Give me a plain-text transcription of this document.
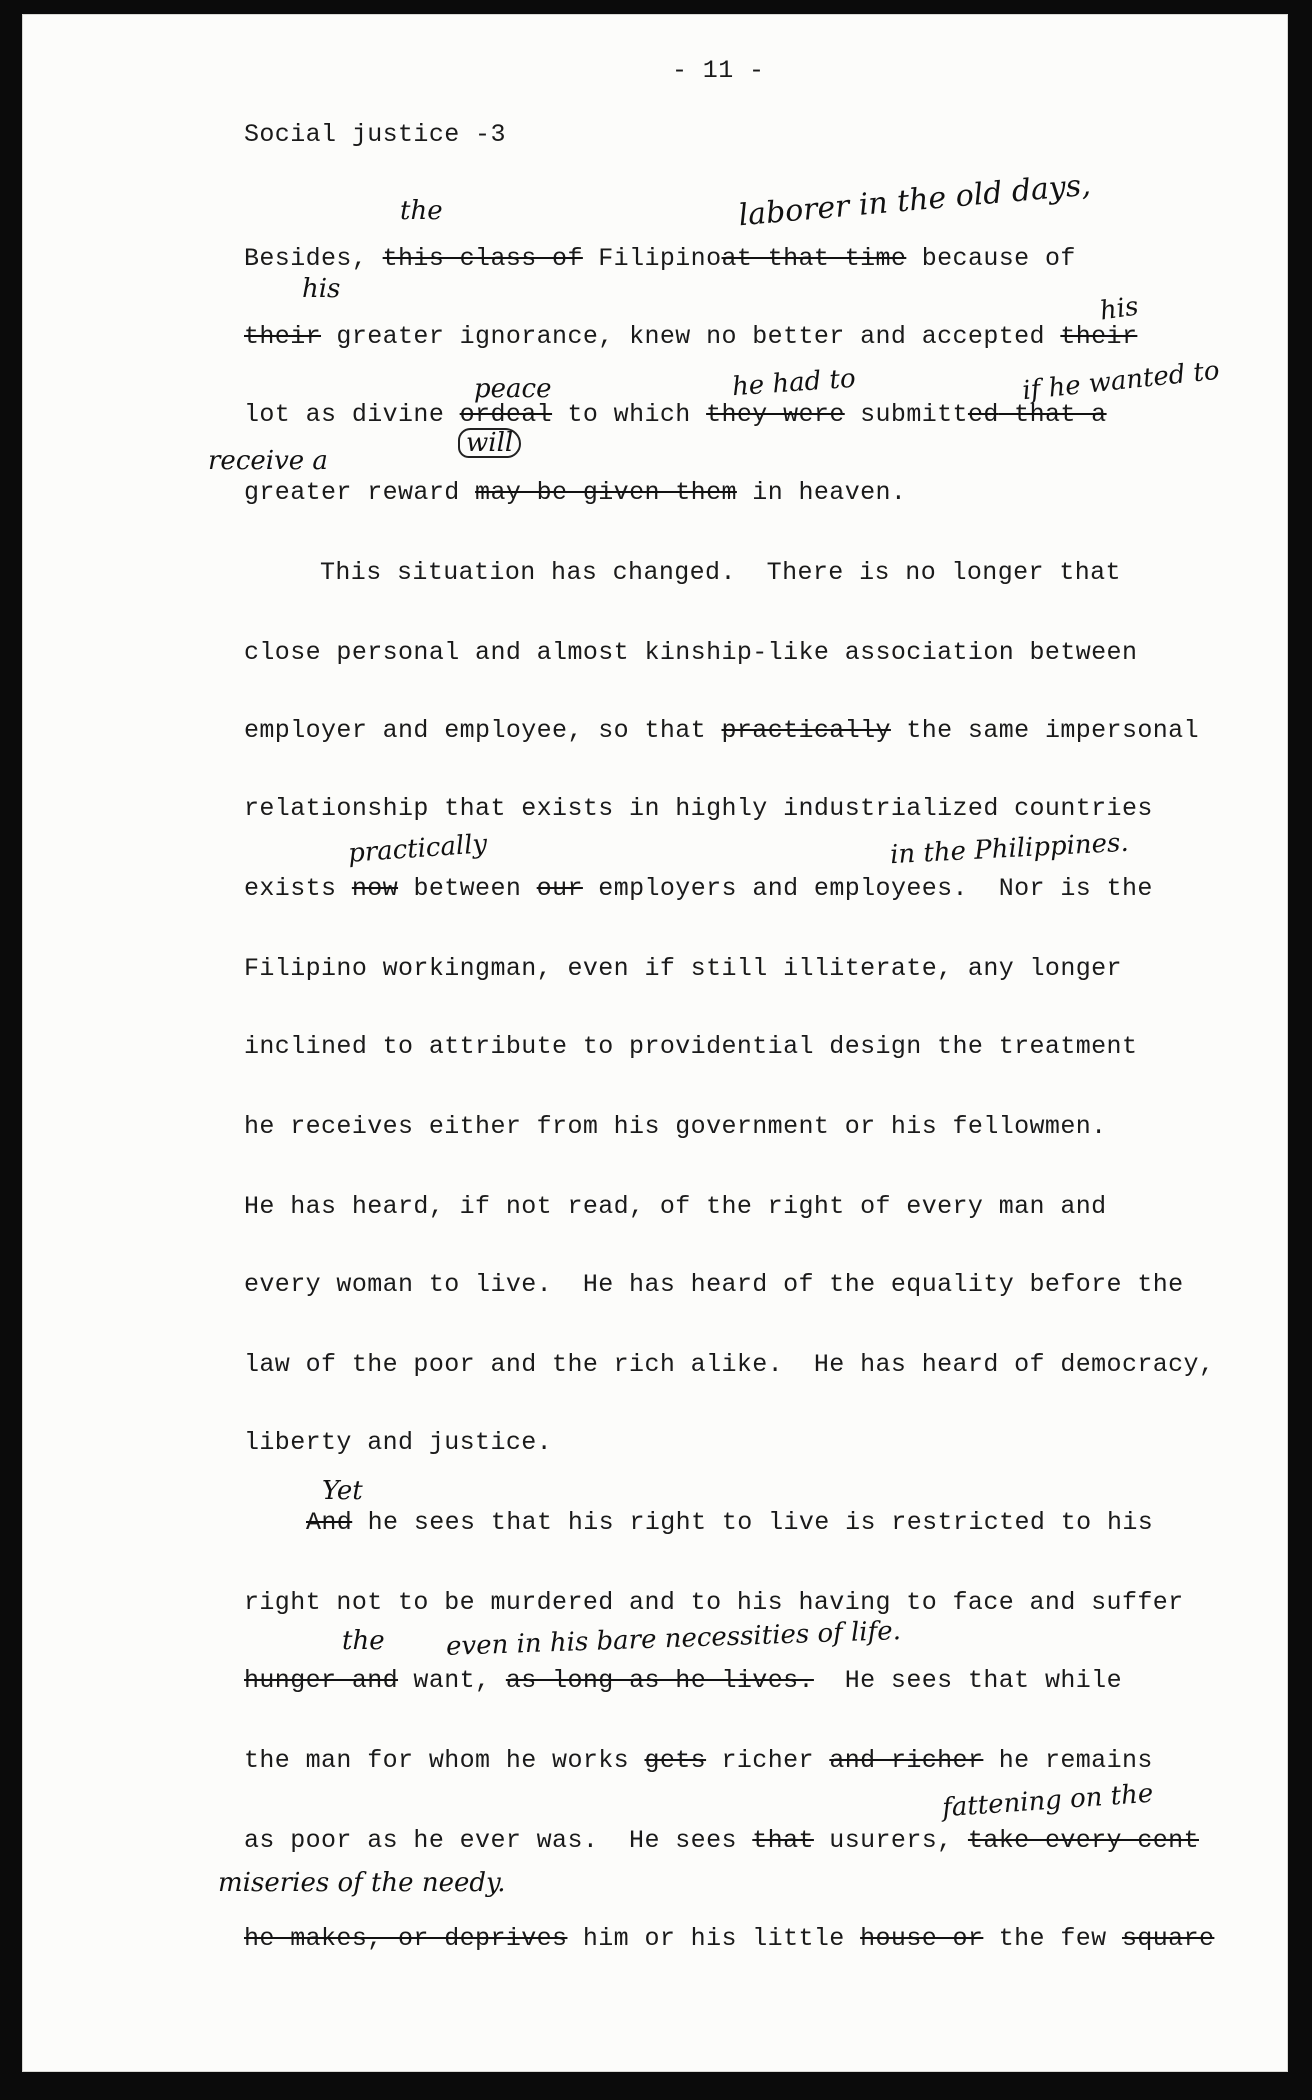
- 11 -
Social justice -3
the	laborer in the old days,
Besides, this class of Filipinoat that time because of
his
his
their greater ignorance, knew no better and accepted their
peace	he had to	if he wanted to
lot as divine ordeal to which they were submitted that a
will
receive a
greater reward may be given them in heaven.
This situation has changed.  There is no longer that
close personal and almost kinship-like association between
employer and employee, so that practically the same impersonal
relationship that exists in highly industrialized countries
practically	in the Philippines.
exists now between our employers and employees.  Nor is the
Filipino workingman, even if still illiterate, any longer
inclined to attribute to providential design the treatment
he receives either from his government or his fellowmen.
He has heard, if not read, of the right of every man and
every woman to live.  He has heard of the equality before the
law of the poor and the rich alike.  He has heard of democracy,
liberty and justice.
Yet
And he sees that his right to live is restricted to his
right not to be murdered and to his having to face and suffer
the even in his bare necessities of life.
hunger and want, as long as he lives.  He sees that while
the man for whom he works gets richer and richer he remains
fattening on the
as poor as he ever was.  He sees that usurers, take every cent
miseries of the needy.
he makes, or deprives him or his little house or the few square
